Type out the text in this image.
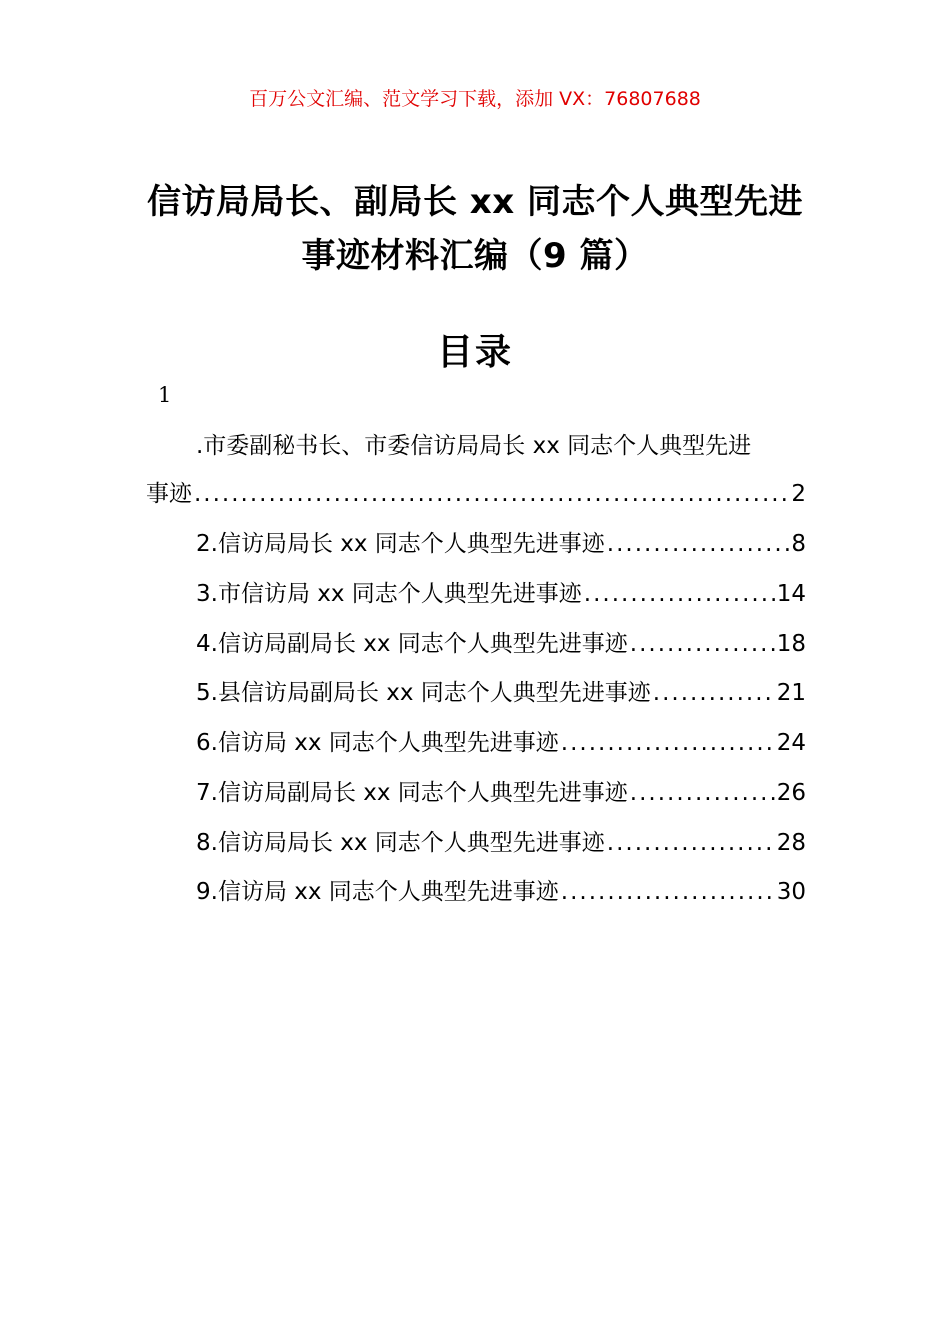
百万公文汇编、范文学习下载，添加 VX：76807688
信访局局长、副局长 xx 同志个人典型先进
事迹材料汇编（9 篇）
目录
1
.市委副秘书长、市委信访局局长 xx 同志个人典型先进
事迹 .....	2
2.信访局局长 xx 同志个人典型先进事迹 .....	8
3.市信访局 xx 同志个人典型先进事迹 .....	14
4.信访局副局长 xx 同志个人典型先进事迹 .....	18
5.县信访局副局长 xx 同志个人典型先进事迹 .....	21
6.信访局 xx 同志个人典型先进事迹 .....	24
7.信访局副局长 xx 同志个人典型先进事迹 .....	26
8.信访局局长 xx 同志个人典型先进事迹 .....	28
9.信访局 xx 同志个人典型先进事迹 .....	30
